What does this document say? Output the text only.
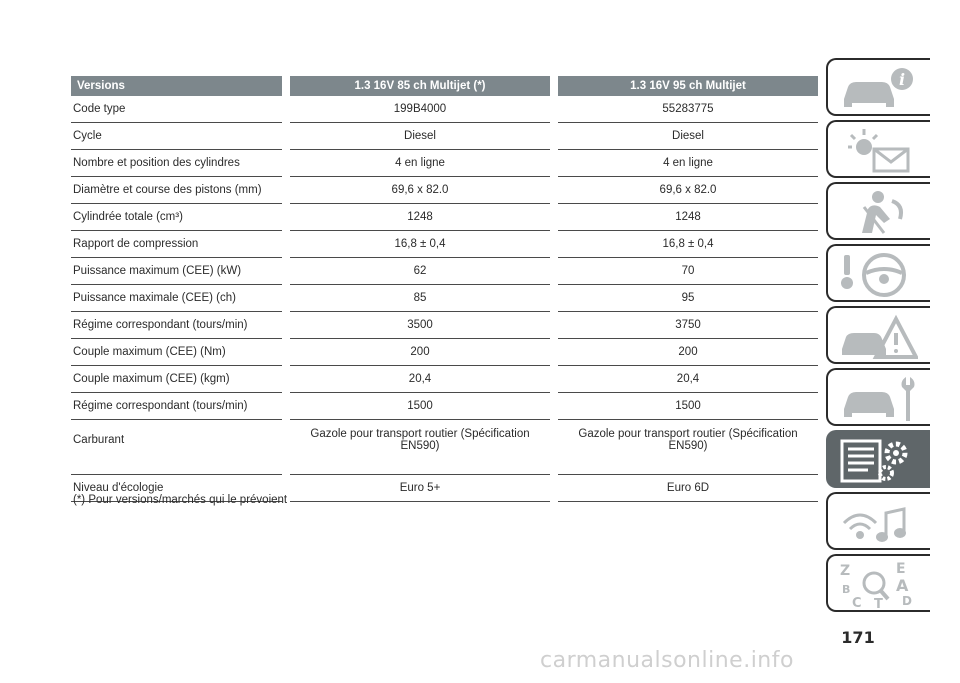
Versions		1.3 16V 85 ch Multijet (*)		1.3 16V 95 ch Multijet
Code type		199B4000		55283775
Cycle		Diesel		Diesel
Nombre et position des cylindres		4 en ligne		4 en ligne
Diamètre et course des pistons (mm)		69,6 x 82.0		69,6 x 82.0
Cylindrée totale (cm³)		1248		1248
Rapport de compression		16,8 ± 0,4		16,8 ± 0,4
Puissance maximum (CEE) (kW)		62		70
Puissance maximale (CEE) (ch)		85		95
Régime correspondant (tours/min)		3500		3750
Couple maximum (CEE) (Nm)		200		200
Couple maximum (CEE) (kgm)		20,4		20,4
Régime correspondant (tours/min)		1500		1500
Carburant		Gazole pour transport routier (Spécification EN590)		Gazole pour transport routier (Spécification EN590)
Niveau d'écologie		Euro 5+		Euro 6D
(*) Pour versions/marchés qui le prévoient
i
Z	E
B	A
C	D
T
171
carmanualsonline.info
